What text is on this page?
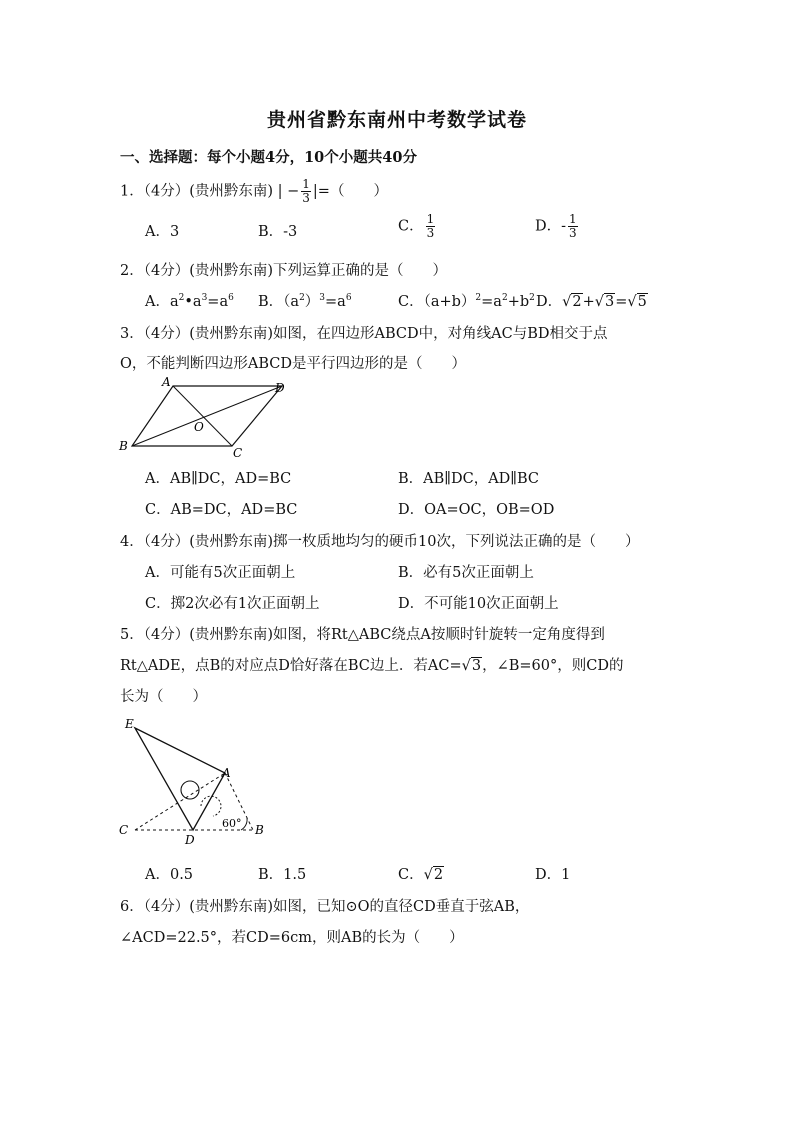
贵州省黔东南州中考数学试卷
一、选择题：每个小题4分，10个小题共40分
1．（4分）(贵州黔东南) | − $\frac{1}{3}$ |=（　　）
A．3	B．-3	C． $\frac{1}{3}$	D．- $\frac{1}{3}$
2．（4分）(贵州黔东南)下列运算正确的是（　　）
A．$a^2•a^3=a^6$ B．$(a^2)^3=a^6$	C．$(a+b)^2=a^2+b^2$ D．√2+√3=√5
3．（4分）(贵州黔东南)如图，在四边形ABCD中，对角线AC与BD相交于点
O，不能判断四边形ABCD是平行四边形的是（　　）
A	D
B	C
O
A．AB∥DC，AD=BC	B．AB∥DC，AD∥BC
C．AB=DC，AD=BC	D．OA=OC，OB=OD
4．（4分）(贵州黔东南)掷一枚质地均匀的硬币10次，下列说法正确的是（　　）
A．可能有5次正面朝上	B．必有5次正面朝上
C．掷2次必有1次正面朝上	D．不可能10次正面朝上
5．（4分）(贵州黔东南)如图，将Rt△ABC绕点A按顺时针旋转一定角度得到
Rt△ADE，点B的对应点D恰好落在BC边上．若AC=√3，∠B=60°，则CD的
长为（　　）
E
A
C
D
B
60°
A．0.5	B．1.5	C．√2	D．1
6．（4分）(贵州黔东南)如图，已知⊙O的直径CD垂直于弦AB，
∠ACD=22.5°，若CD=6cm，则AB的长为（　　）
